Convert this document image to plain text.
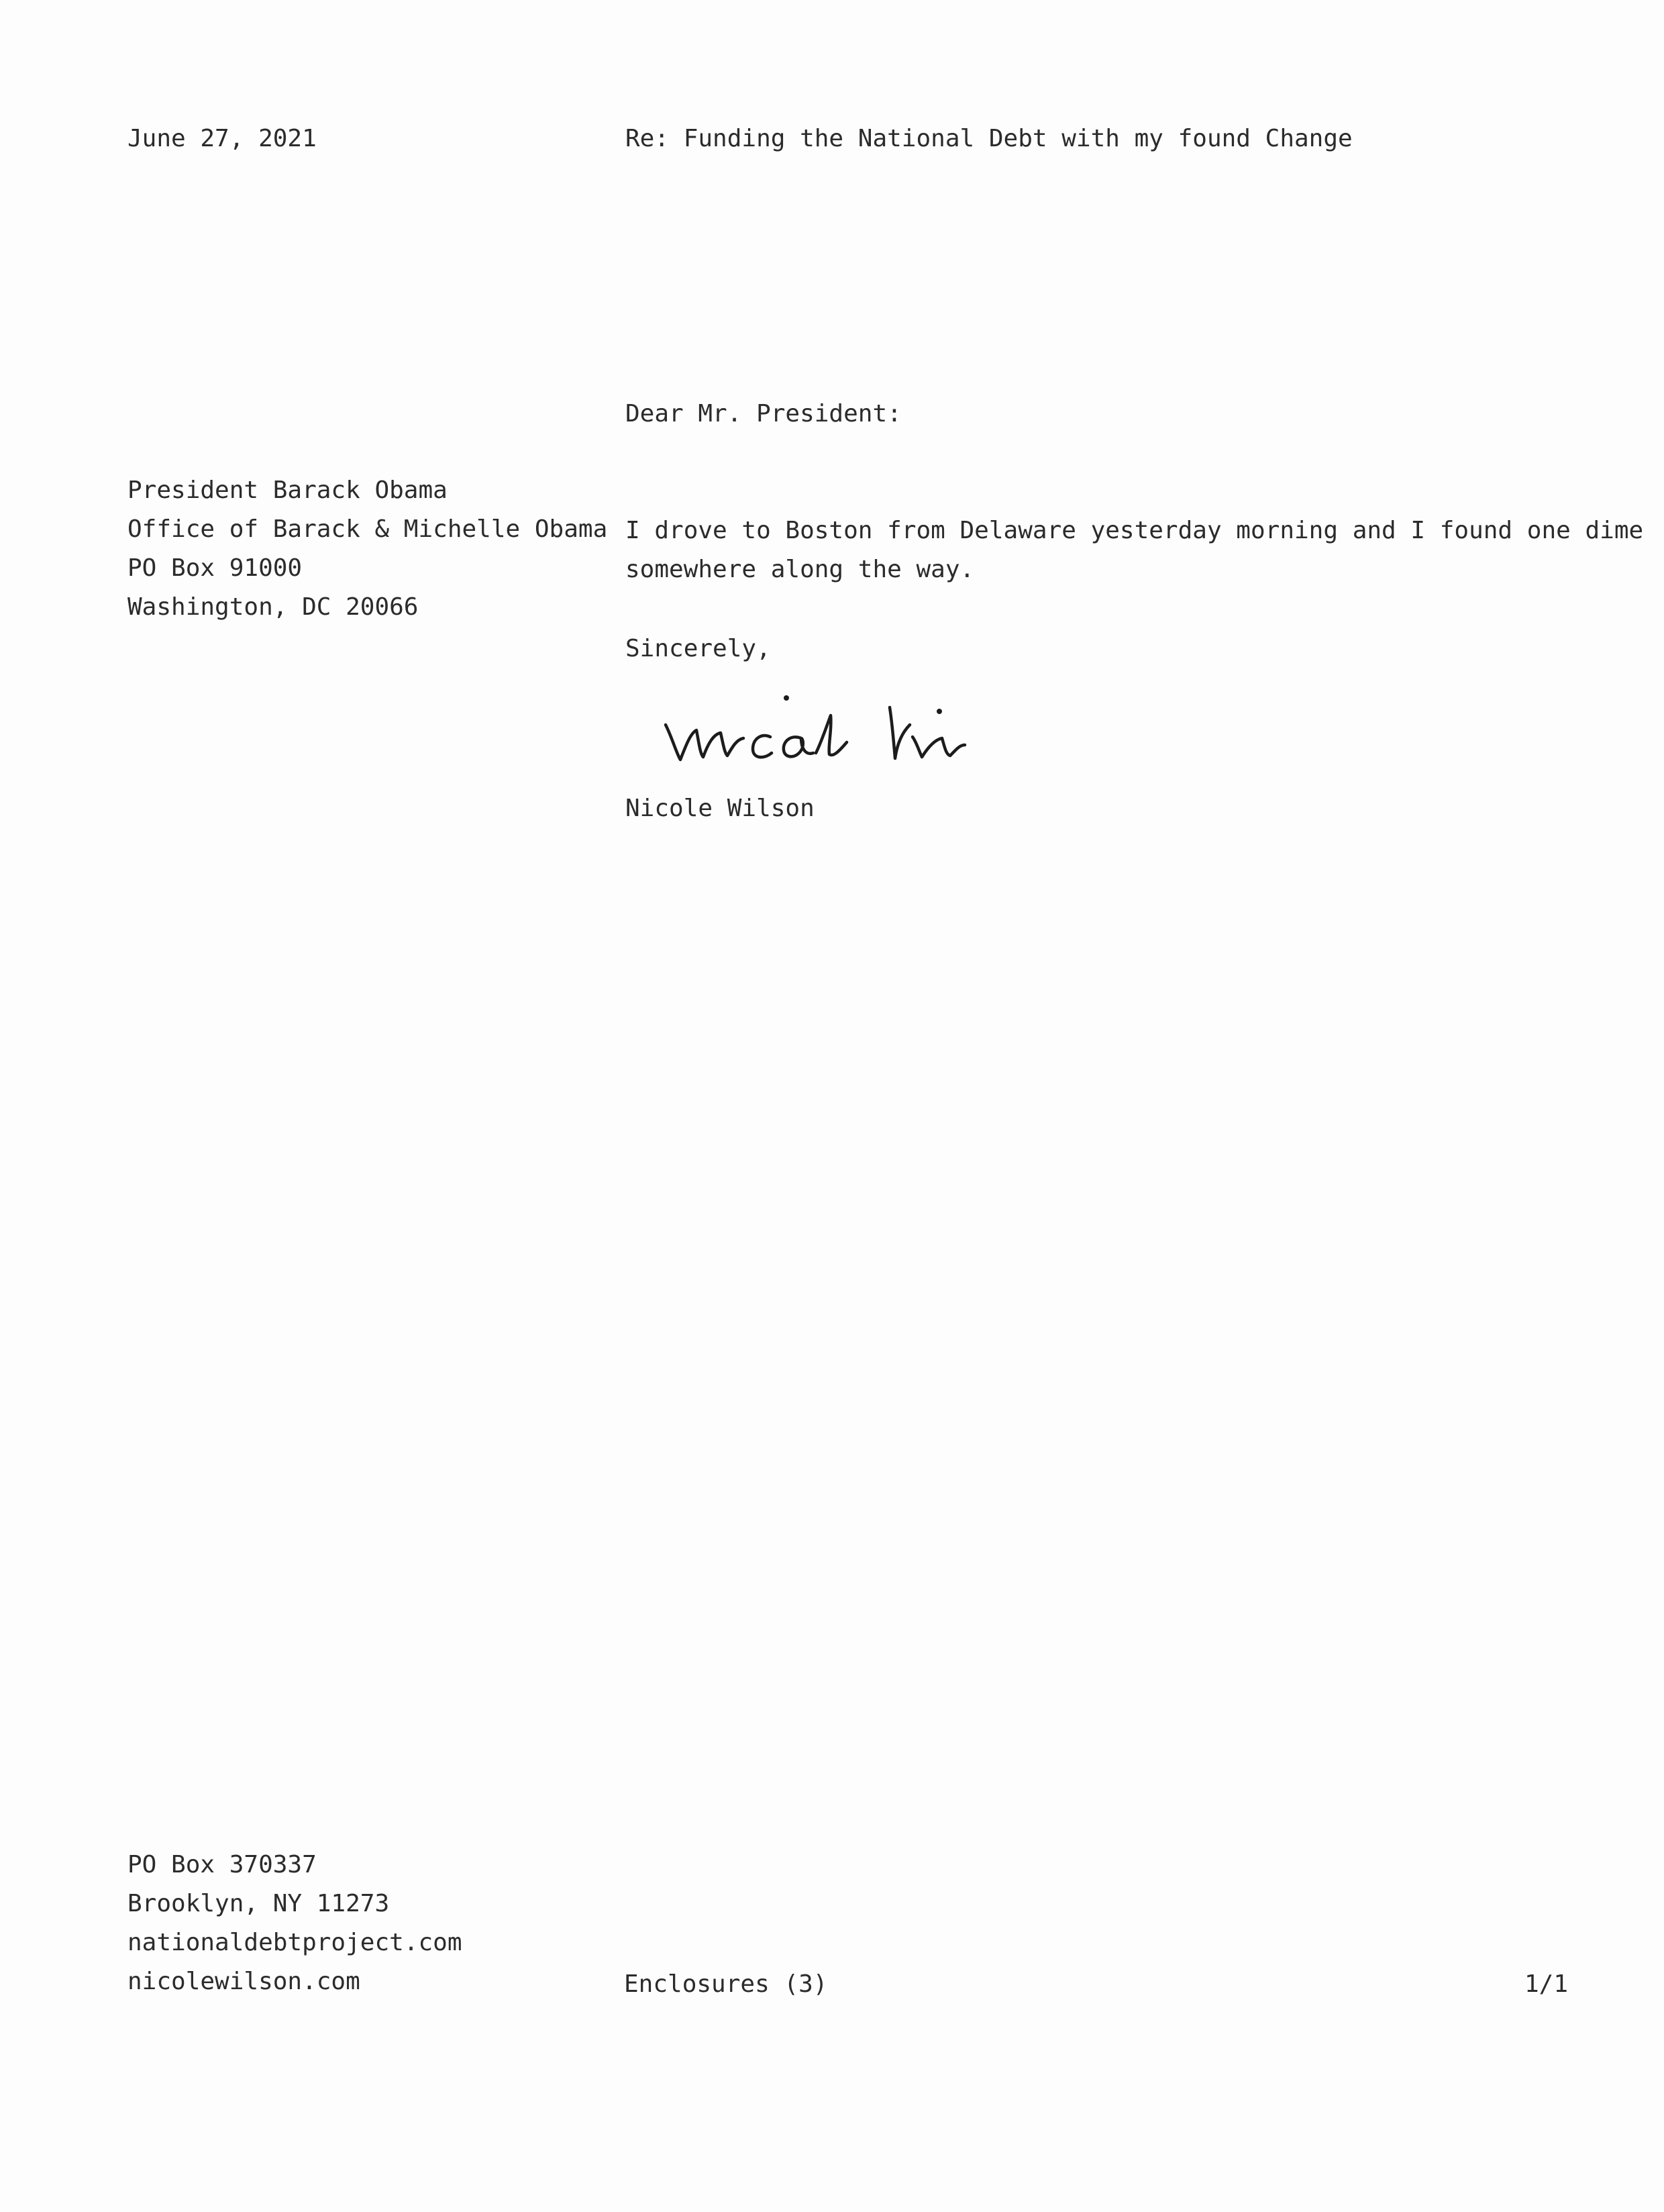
June 27, 2021	Re: Funding the National Debt with my found Change
Dear Mr. President:
President Barack Obama
Office of Barack & Michelle Obama
PO Box 91000
Washington, DC 20066
I drove to Boston from Delaware yesterday morning and I found one dime somewhere along the way.
Sincerely,
Nicole Wilson
PO Box 370337
Brooklyn, NY 11273
nationaldebtproject.com
nicolewilson.com	Enclosures (3)	1/1
